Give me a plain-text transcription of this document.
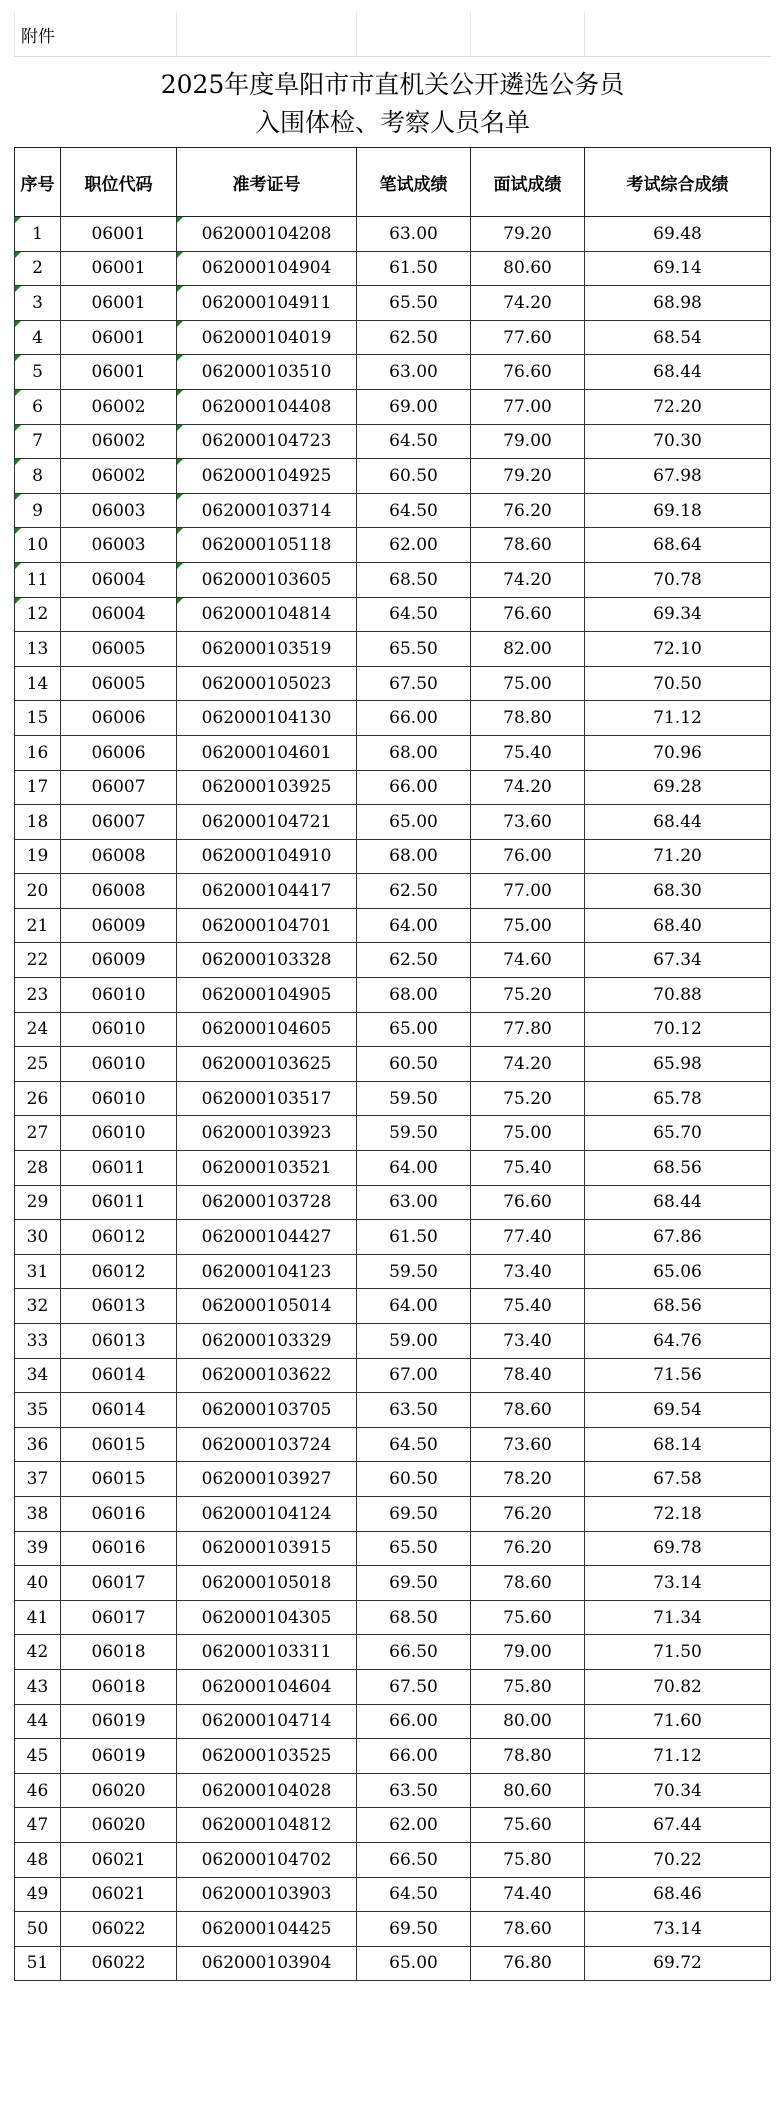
附件					

2025年度阜阳市市直机关公开遴选公务员
入围体检、考察人员名单					

序号	职位代码	准考证号	笔试成绩	面试成绩	考试综合成绩
1	06001	062000104208	63.00	79.20	69.48
2	06001	062000104904	61.50	80.60	69.14
3	06001	062000104911	65.50	74.20	68.98
4	06001	062000104019	62.50	77.60	68.54
5	06001	062000103510	63.00	76.60	68.44
6	06002	062000104408	69.00	77.00	72.20
7	06002	062000104723	64.50	79.00	70.30
8	06002	062000104925	60.50	79.20	67.98
9	06003	062000103714	64.50	76.20	69.18
10	06003	062000105118	62.00	78.60	68.64
11	06004	062000103605	68.50	74.20	70.78
12	06004	062000104814	64.50	76.60	69.34
13	06005	062000103519	65.50	82.00	72.10
14	06005	062000105023	67.50	75.00	70.50
15	06006	062000104130	66.00	78.80	71.12
16	06006	062000104601	68.00	75.40	70.96
17	06007	062000103925	66.00	74.20	69.28
18	06007	062000104721	65.00	73.60	68.44
19	06008	062000104910	68.00	76.00	71.20
20	06008	062000104417	62.50	77.00	68.30
21	06009	062000104701	64.00	75.00	68.40
22	06009	062000103328	62.50	74.60	67.34
23	06010	062000104905	68.00	75.20	70.88
24	06010	062000104605	65.00	77.80	70.12
25	06010	062000103625	60.50	74.20	65.98
26	06010	062000103517	59.50	75.20	65.78
27	06010	062000103923	59.50	75.00	65.70
28	06011	062000103521	64.00	75.40	68.56
29	06011	062000103728	63.00	76.60	68.44
30	06012	062000104427	61.50	77.40	67.86
31	06012	062000104123	59.50	73.40	65.06
32	06013	062000105014	64.00	75.40	68.56
33	06013	062000103329	59.00	73.40	64.76
34	06014	062000103622	67.00	78.40	71.56
35	06014	062000103705	63.50	78.60	69.54
36	06015	062000103724	64.50	73.60	68.14
37	06015	062000103927	60.50	78.20	67.58
38	06016	062000104124	69.50	76.20	72.18
39	06016	062000103915	65.50	76.20	69.78
40	06017	062000105018	69.50	78.60	73.14
41	06017	062000104305	68.50	75.60	71.34
42	06018	062000103311	66.50	79.00	71.50
43	06018	062000104604	67.50	75.80	70.82
44	06019	062000104714	66.00	80.00	71.60
45	06019	062000103525	66.00	78.80	71.12
46	06020	062000104028	63.50	80.60	70.34
47	06020	062000104812	62.00	75.60	67.44
48	06021	062000104702	66.50	75.80	70.22
49	06021	062000103903	64.50	74.40	68.46
50	06022	062000104425	69.50	78.60	73.14
51	06022	062000103904	65.00	76.80	69.72
